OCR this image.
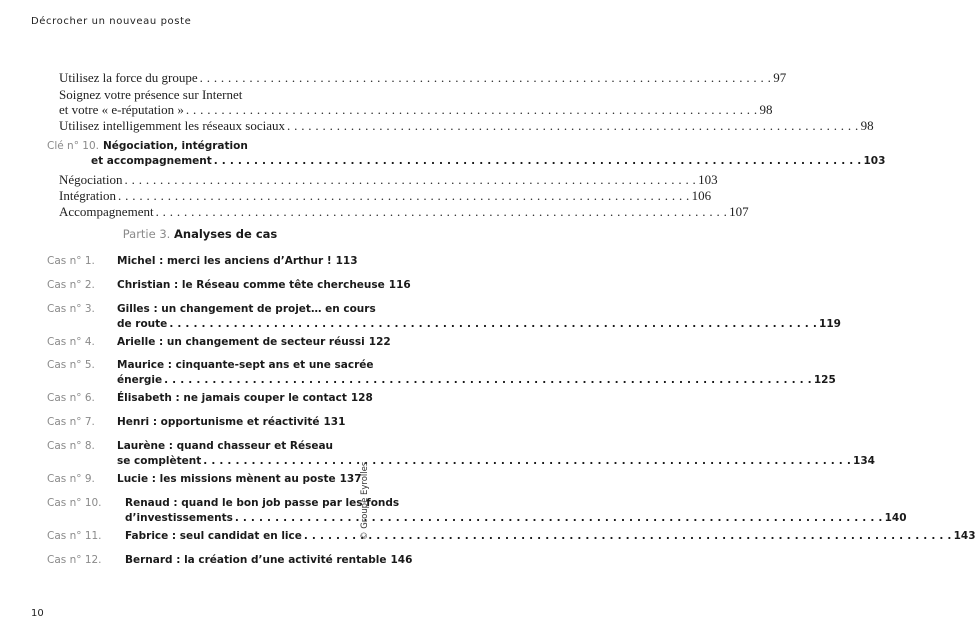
Décrocher un nouveau poste
Utilisez la force du groupe . . .	97
Soignez votre présence sur Internet
et votre « e-réputation » . . .	98
Utilisez intelligemment les réseaux sociaux . . .	98
Clé n° 10. Négociation, intégration
et accompagnement . . .	103
Négociation . . .	103
Intégration . . .	106
Accompagnement . . .	107
Partie 3. Analyses de cas
Cas n° 1.	Michel : merci les anciens d’Arthur ! 113
Cas n° 2.	Christian : le Réseau comme tête chercheuse 116
Cas n° 3.	Gilles : un changement de projet… en cours
de route . . .	119
Cas n° 4.	Arielle : un changement de secteur réussi 122
Cas n° 5.	Maurice : cinquante-sept ans et une sacrée
énergie . . .	125
Cas n° 6.	Élisabeth : ne jamais couper le contact 128
Cas n° 7.	Henri : opportunisme et réactivité 131
Cas n° 8.	Laurène : quand chasseur et Réseau
se complètent . . .	134
Cas n° 9.	Lucie : les missions mènent au poste 137
Cas n° 10.	Renaud : quand le bon job passe par les fonds
d’investissements . . .	140
Cas n° 11.	Fabrice : seul candidat en lice . . .	143
Cas n° 12.	Bernard : la création d’une activité rentable 146
© Groupe Eyrolles
10
